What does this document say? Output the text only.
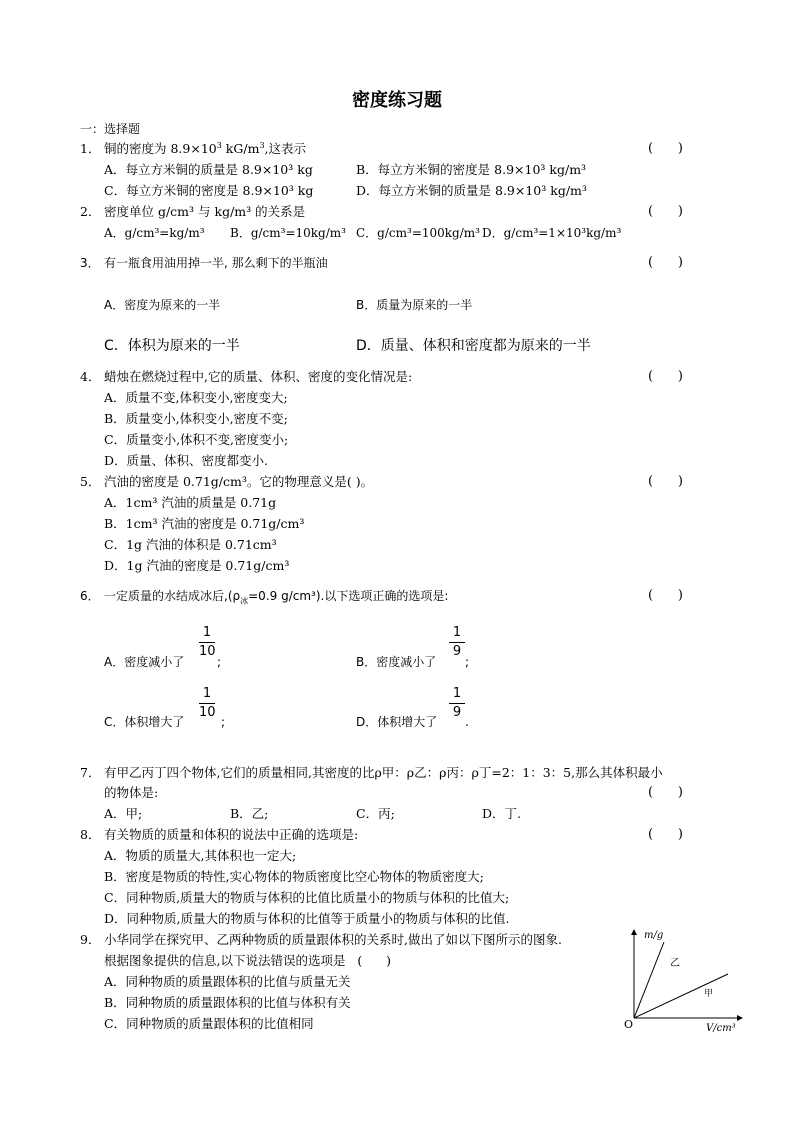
密度练习题
一：选择题
1． 铜的密度为 $8.9\times 10^3$ $kG/m^3$,这表示	(      )
A．每立方米铜的质量是 8.9×10³ kg	B．每立方米铜的密度是 8.9×10³ kg/m³
C．每立方米铜的密度是 8.9×10³ kg	D．每立方米铜的质量是 8.9×10³ kg/m³
2． 密度单位 g/cm³ 与 kg/m³ 的关系是	(      )
A．g/cm³=kg/m³ B．g/cm³=10kg/m³ C．g/cm³=100kg/m³ D．g/cm³=1×10³kg/m³
3． 有一瓶食用油用掉一半, 那么剩下的半瓶油	(      )
A．密度为原来的一半	B．质量为原来的一半
C．体积为原来的一半	D．质量、体积和密度都为原来的一半
4． 蜡烛在燃烧过程中,它的质量、体积、密度的变化情况是:	(      )
A．质量不变,体积变小,密度变大;
B．质量变小,体积变小,密度不变;
C．质量变小,体积不变,密度变小;
D．质量、体积、密度都变小.
5． 汽油的密度是 0.71g/cm³。它的物理意义是( )。	(      )
A．1cm³ 汽油的质量是 0.71g
B．1cm³ 汽油的密度是 0.71g/cm³
C．1g 汽油的体积是 0.71cm³
D．1g 汽油的密度是 0.71g/cm³
6． 一定质量的水结成冰后$,(\rho_冰=0.9$ g/cm³).以下选项正确的选项是:	(      )
A．密度减小了
1
10
;	B．密度减小了
1
9
;
C．体积增大了
1
10
;	D．体积增大了
1
9
.
7． 有甲乙丙丁四个物体,它们的质量相同,其密度的比ρ甲：ρ乙：ρ丙：ρ丁=2：1：3：5,那么其体积最小
的物体是:	(      )
A．甲;	B．乙;	C．丙;	D．丁.
8． 有关物质的质量和体积的说法中正确的选项是:	(      )
A．物质的质量大,其体积也一定大;
B．密度是物质的特性,实心物体的物质密度比空心物体的物质密度大;
C．同种物质,质量大的物质与体积的比值比质量小的物质与体积的比值大;
D．同种物质,质量大的物质与体积的比值等于质量小的物质与体积的比值.
9． 小华同学在探究甲、乙两种物质的质量跟体积的关系时,做出了如以下图所示的图象.
根据图象提供的信息,以下说法错误的选项是 (      )
A．同种物质的质量跟体积的比值与质量无关
B．同种物质的质量跟体积的比值与体积有关
C．同种物质的质量跟体积的比值相同
m/g
V/cm³
O
乙
甲
